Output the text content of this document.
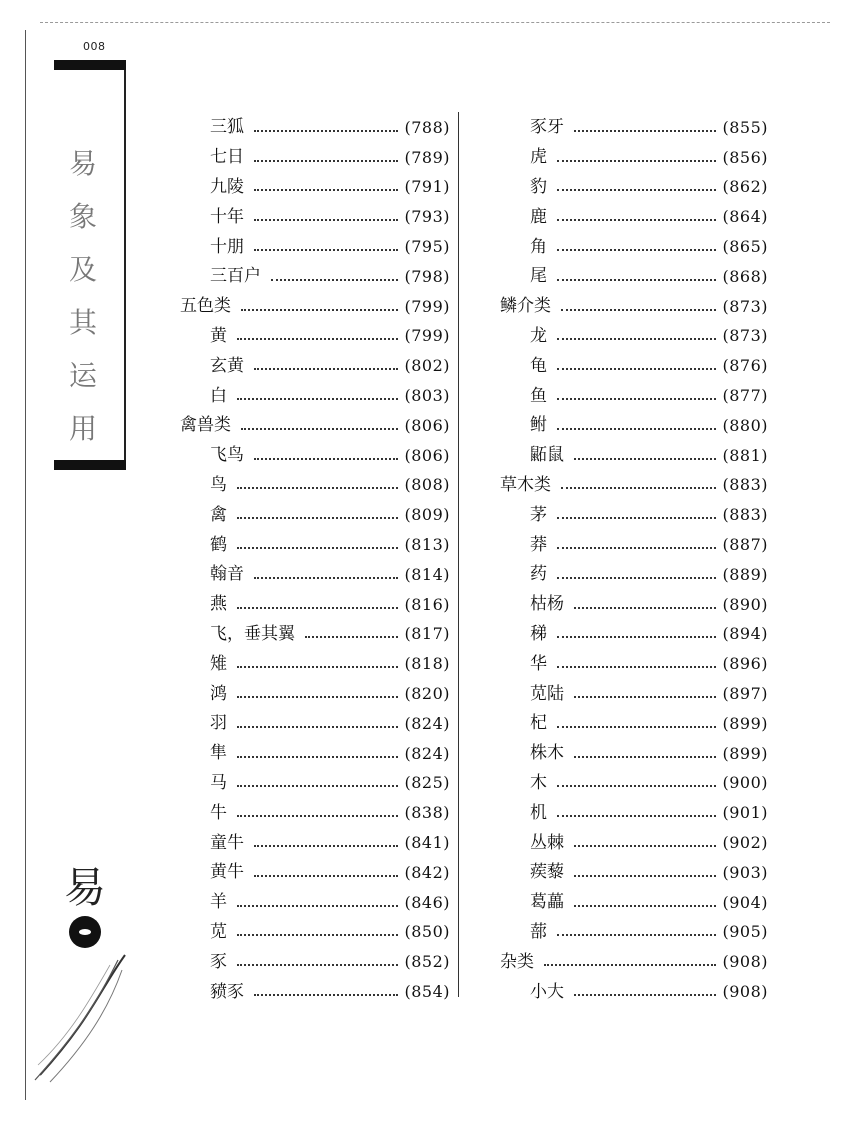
008
易
象
及
其
运
用
三狐	(788)
七日	(789)
九陵	(791)
十年	(793)
十朋	(795)
三百户	(798)
五色类	(799)
黄	(799)
玄黄	(802)
白	(803)
禽兽类	(806)
飞鸟	(806)
鸟	(808)
禽	(809)
鹤	(813)
翰音	(814)
燕	(816)
飞，垂其翼	(817)
雉	(818)
鸿	(820)
羽	(824)
隼	(824)
马	(825)
牛	(838)
童牛	(841)
黄牛	(842)
羊	(846)
苋	(850)
豕	(852)
豮豕	(854)
豕牙	(855)
虎	(856)
豹	(862)
鹿	(864)
角	(865)
尾	(868)
鳞介类	(873)
龙	(873)
龟	(876)
鱼	(877)
鲋	(880)
鼫鼠	(881)
草木类	(883)
茅	(883)
莽	(887)
药	(889)
枯杨	(890)
稊	(894)
华	(896)
苋陆	(897)
杞	(899)
株木	(899)
木	(900)
机	(901)
丛棘	(902)
蒺藜	(903)
葛藟	(904)
蔀	(905)
杂类	(908)
小大	(908)
易
